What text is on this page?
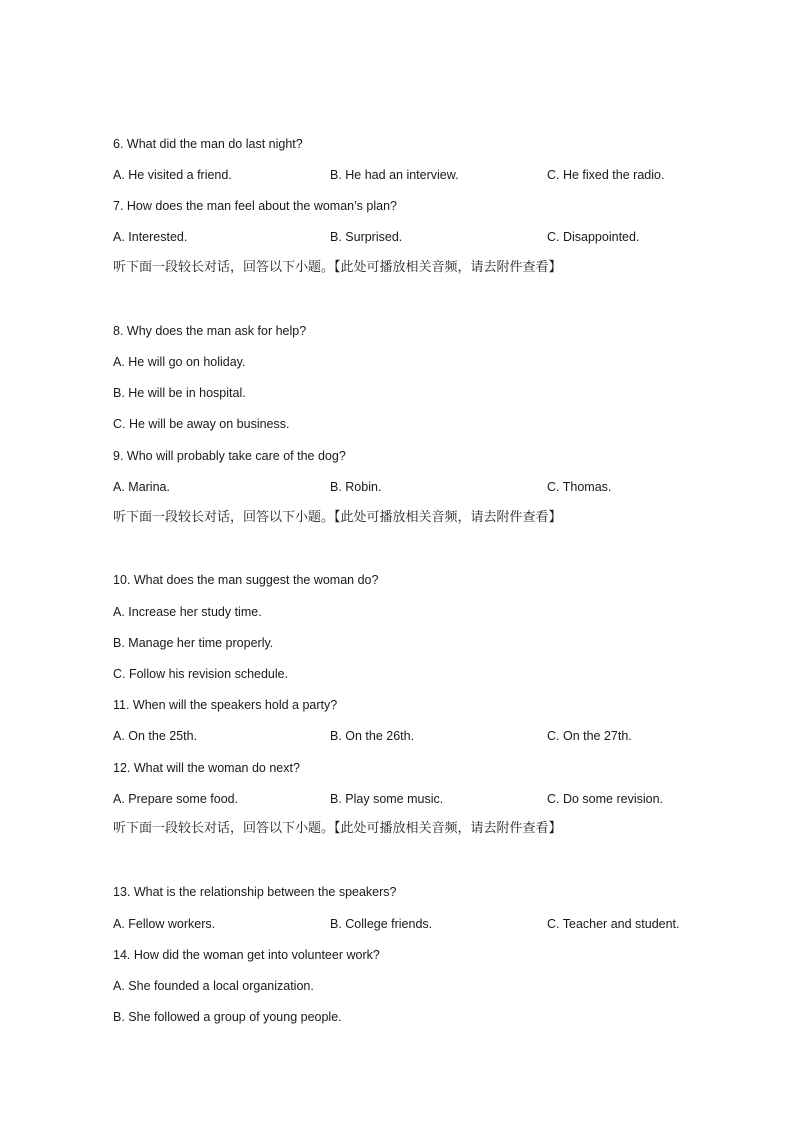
6. What did the man do last night?
A. He visited a friend.	B. He had an interview.	C. He fixed the radio.
7. How does the man feel about the woman’s plan?
A. Interested.	B. Surprised.	C. Disappointed.
听下面一段较长对话，回答以下小题。【此处可播放相关音频，请去附件查看】
8. Why does the man ask for help?
A. He will go on holiday.
B. He will be in hospital.
C. He will be away on business.
9. Who will probably take care of the dog?
A. Marina.	B. Robin.	C. Thomas.
听下面一段较长对话，回答以下小题。【此处可播放相关音频，请去附件查看】
10. What does the man suggest the woman do?
A. Increase her study time.
B. Manage her time properly.
C. Follow his revision schedule.
11. When will the speakers hold a party?
A. On the 25th.	B. On the 26th.	C. On the 27th.
12. What will the woman do next?
A. Prepare some food.	B. Play some music.	C. Do some revision.
听下面一段较长对话，回答以下小题。【此处可播放相关音频，请去附件查看】
13. What is the relationship between the speakers?
A. Fellow workers.	B. College friends.	C. Teacher and student.
14. How did the woman get into volunteer work?
A. She founded a local organization.
B. She followed a group of young people.
